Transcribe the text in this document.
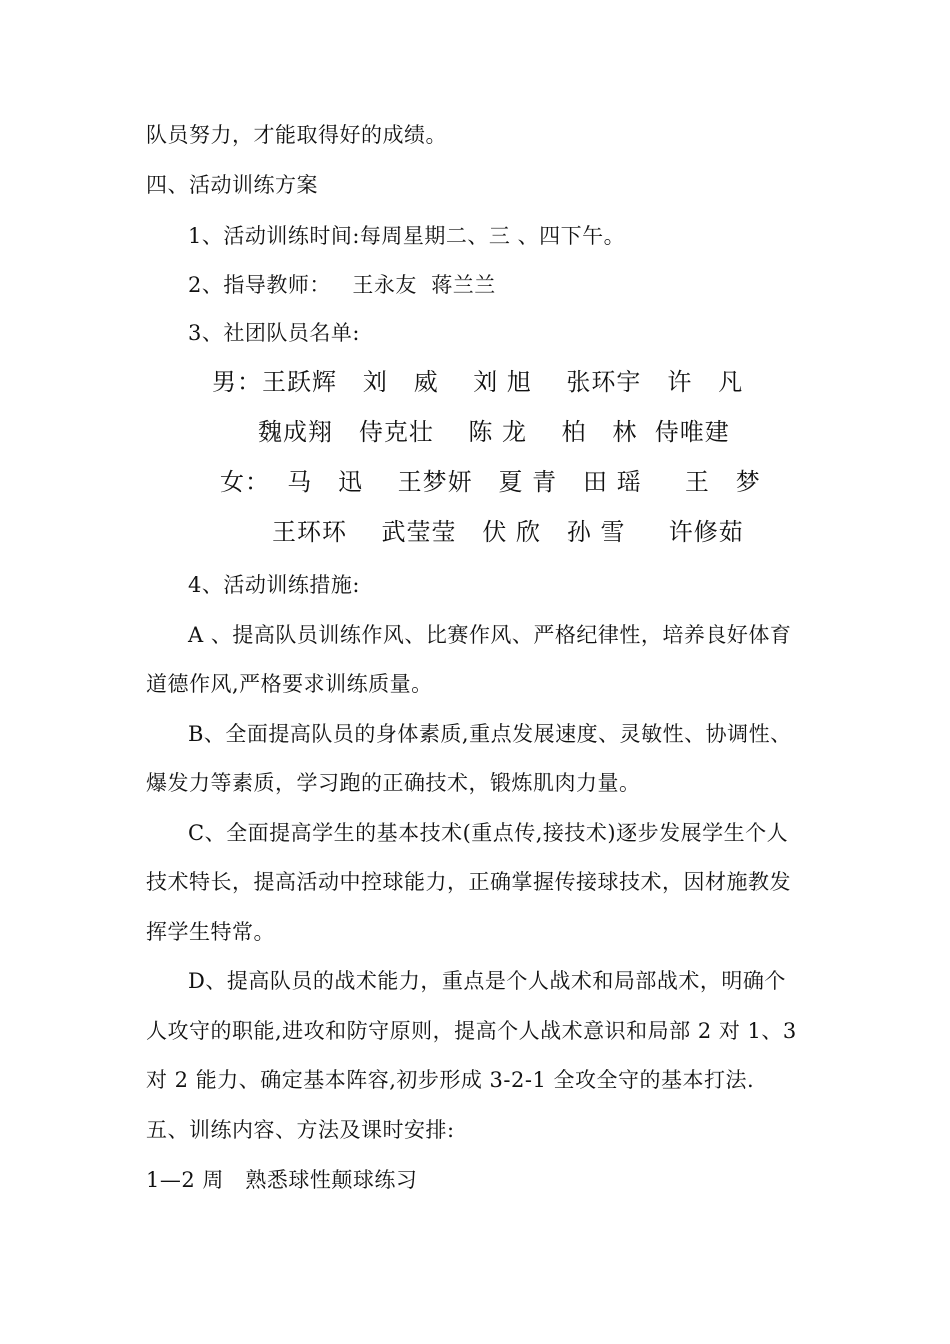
队员努力，才能取得好的成绩。
四、活动训练方案
1、活动训练时间:每周星期二、三 、四下午。
2、指导教师：   王永友  蒋兰兰
3、社团队员名单:
男：王跃辉   刘   威    刘 旭    张环宇   许   凡
魏成翔   侍克壮    陈 龙    柏   林  侍唯建
女：  马   迅    王梦妍   夏 青   田 瑶     王   梦
王环环    武莹莹   伏 欣   孙 雪     许修茹
4、活动训练措施:
A 、提高队员训练作风、比赛作风、严格纪律性，培养良好体育
道德作风,严格要求训练质量。
B、全面提高队员的身体素质,重点发展速度、灵敏性、协调性、
爆发力等素质，学习跑的正确技术，锻炼肌肉力量。
C、全面提高学生的基本技术(重点传,接技术)逐步发展学生个人
技术特长，提高活动中控球能力，正确掌握传接球技术，因材施教发
挥学生特常。
D、提高队员的战术能力，重点是个人战术和局部战术，明确个
人攻守的职能,进攻和防守原则，提高个人战术意识和局部 2 对 1、3
对 2 能力、确定基本阵容,初步形成 3-2-1 全攻全守的基本打法.
五、训练内容、方法及课时安排:
1—2 周   熟悉球性颠球练习
